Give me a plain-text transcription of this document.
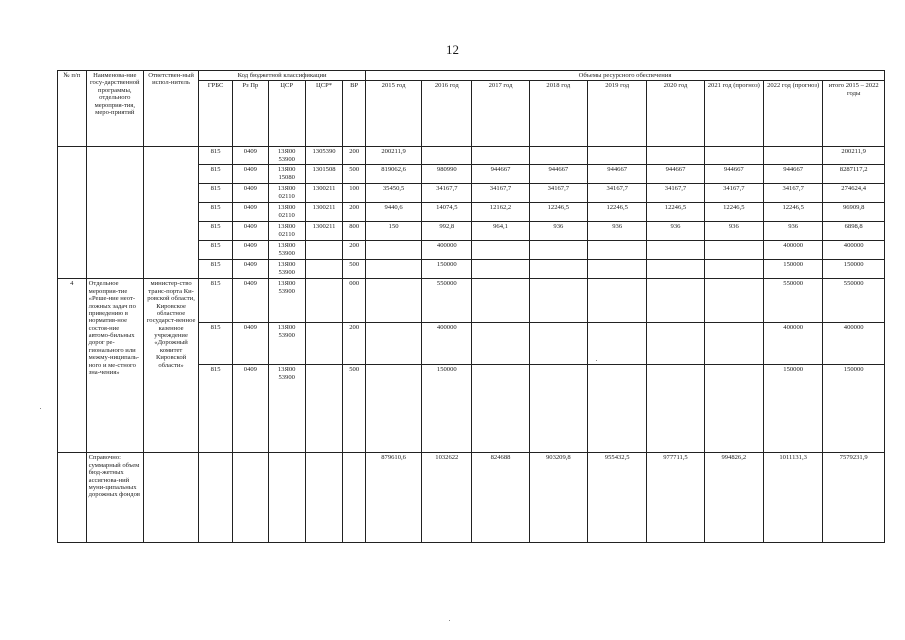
12
№ п/п	Наименова-ние госу-дарственной программы, отдельного мероприя-тия, меро-приятий	Ответствен-ный испол-нитель	Код бюджетной классификации					Объемы ресурсного обеспечения								
			ГРБС	Рз Пр	ЦСР	ЦСР*	ВР	2015 год	2016 год	2017 год	2018 год	2019 год	2020 год	2021 год (прогноз)	2022 год (прогноз)	итого 2015 – 2022 годы
			815	0409	13Я00 53900	1305390	200	200211,9								200211,9
			815	0409	13Я00 15080	1301508	500	819062,6	980990	944667	944667	944667	944667	944667	944667	8287117,2
			815	0409	13Я00 02110	1300211	100	35450,5	34167,7	34167,7	34167,7	34167,7	34167,7	34167,7	34167,7	274624,4
			815	0409	13Я00 02110	1300211	200	9440,6	14074,5	12162,2	12246,5	12246,5	12246,5	12246,5	12246,5	96909,8
			815	0409	13Я00 02110	1300211	800	150	992,8	964,1	936	936	936	936	936	6898,8
			815	0409	13Я00 53900		200		400000						400000	400000
			815	0409	13Я00 53900		500		150000						150000	150000
4	Отдельное мероприя-тие «Реше-ние неот-ложных задач по приведению в норматив-ное состоя-ние автомо-бильных дорог ре-гионального или межму-ниципаль-ного и ме-стного зна-чения»	министер-ство транс-порта Ки-ровской области, Кировское областное государст-венное казенное учреждение «Дорожный комитет Кировской области»	815	0409	13Я00 53900		000		550000						550000	550000
			815	0409	13Я00 53900		200		400000						400000	400000
			815	0409	13Я00 53900		500		150000						150000	150000
	Справочно: суммарный объем бюд-жетных ассигнова-ний муни-ципальных дорожных фондов							879610,6	1032622	824688	903209,8	955432,5	977711,5	994826,2	1011131,3	7579231,9
